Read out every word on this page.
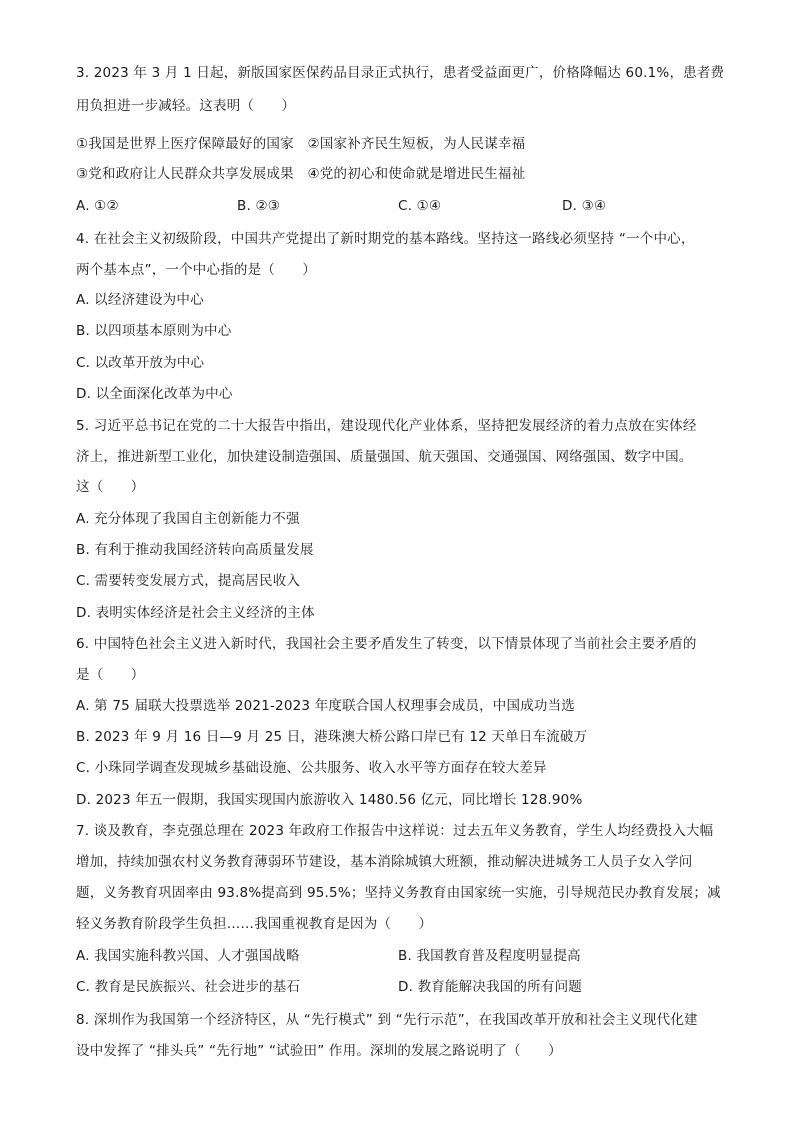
3. 2023 年 3 月 1 日起，新版国家医保药品目录正式执行，患者受益面更广，价格降幅达 60.1%，患者费
用负担进一步减轻。这表明（　　）
①我国是世界上医疗保障最好的国家　②国家补齐民生短板，为人民谋幸福
③党和政府让人民群众共享发展成果　④党的初心和使命就是增进民生福祉
A. ①②	B. ②③	C. ①④	D. ③④
4. 在社会主义初级阶段，中国共产党提出了新时期党的基本路线。坚持这一路线必须坚持 “一个中心，
两个基本点”，一个中心指的是（　　）
A. 以经济建设为中心
B. 以四项基本原则为中心
C. 以改革开放为中心
D. 以全面深化改革为中心
5. 习近平总书记在党的二十大报告中指出，建设现代化产业体系，坚持把发展经济的着力点放在实体经
济上，推进新型工业化，加快建设制造强国、质量强国、航天强国、交通强国、网络强国、数字中国。
这（　　）
A. 充分体现了我国自主创新能力不强
B. 有利于推动我国经济转向高质量发展
C. 需要转变发展方式，提高居民收入
D. 表明实体经济是社会主义经济的主体
6. 中国特色社会主义进入新时代，我国社会主要矛盾发生了转变，以下情景体现了当前社会主要矛盾的
是（　　）
A. 第 75 届联大投票选举 2021-2023 年度联合国人权理事会成员，中国成功当选
B. 2023 年 9 月 16 日—9 月 25 日，港珠澳大桥公路口岸已有 12 天单日车流破万
C. 小珠同学调查发现城乡基础设施、公共服务、收入水平等方面存在较大差异
D. 2023 年五一假期，我国实现国内旅游收入 1480.56 亿元，同比增长 128.90%
7. 谈及教育，李克强总理在 2023 年政府工作报告中这样说：过去五年义务教育，学生人均经费投入大幅
增加，持续加强农村义务教育薄弱环节建设，基本消除城镇大班额，推动解决进城务工人员子女入学问
题，义务教育巩固率由 93.8%提高到 95.5%；坚持义务教育由国家统一实施，引导规范民办教育发展；减
轻义务教育阶段学生负担……我国重视教育是因为（　　）
A. 我国实施科教兴国、人才强国战略	B. 我国教育普及程度明显提高
C. 教育是民族振兴、社会进步的基石	D. 教育能解决我国的所有问题
8. 深圳作为我国第一个经济特区，从 “先行模式” 到 “先行示范”，在我国改革开放和社会主义现代化建
设中发挥了 “排头兵” “先行地” “试验田” 作用。深圳的发展之路说明了（　　）
